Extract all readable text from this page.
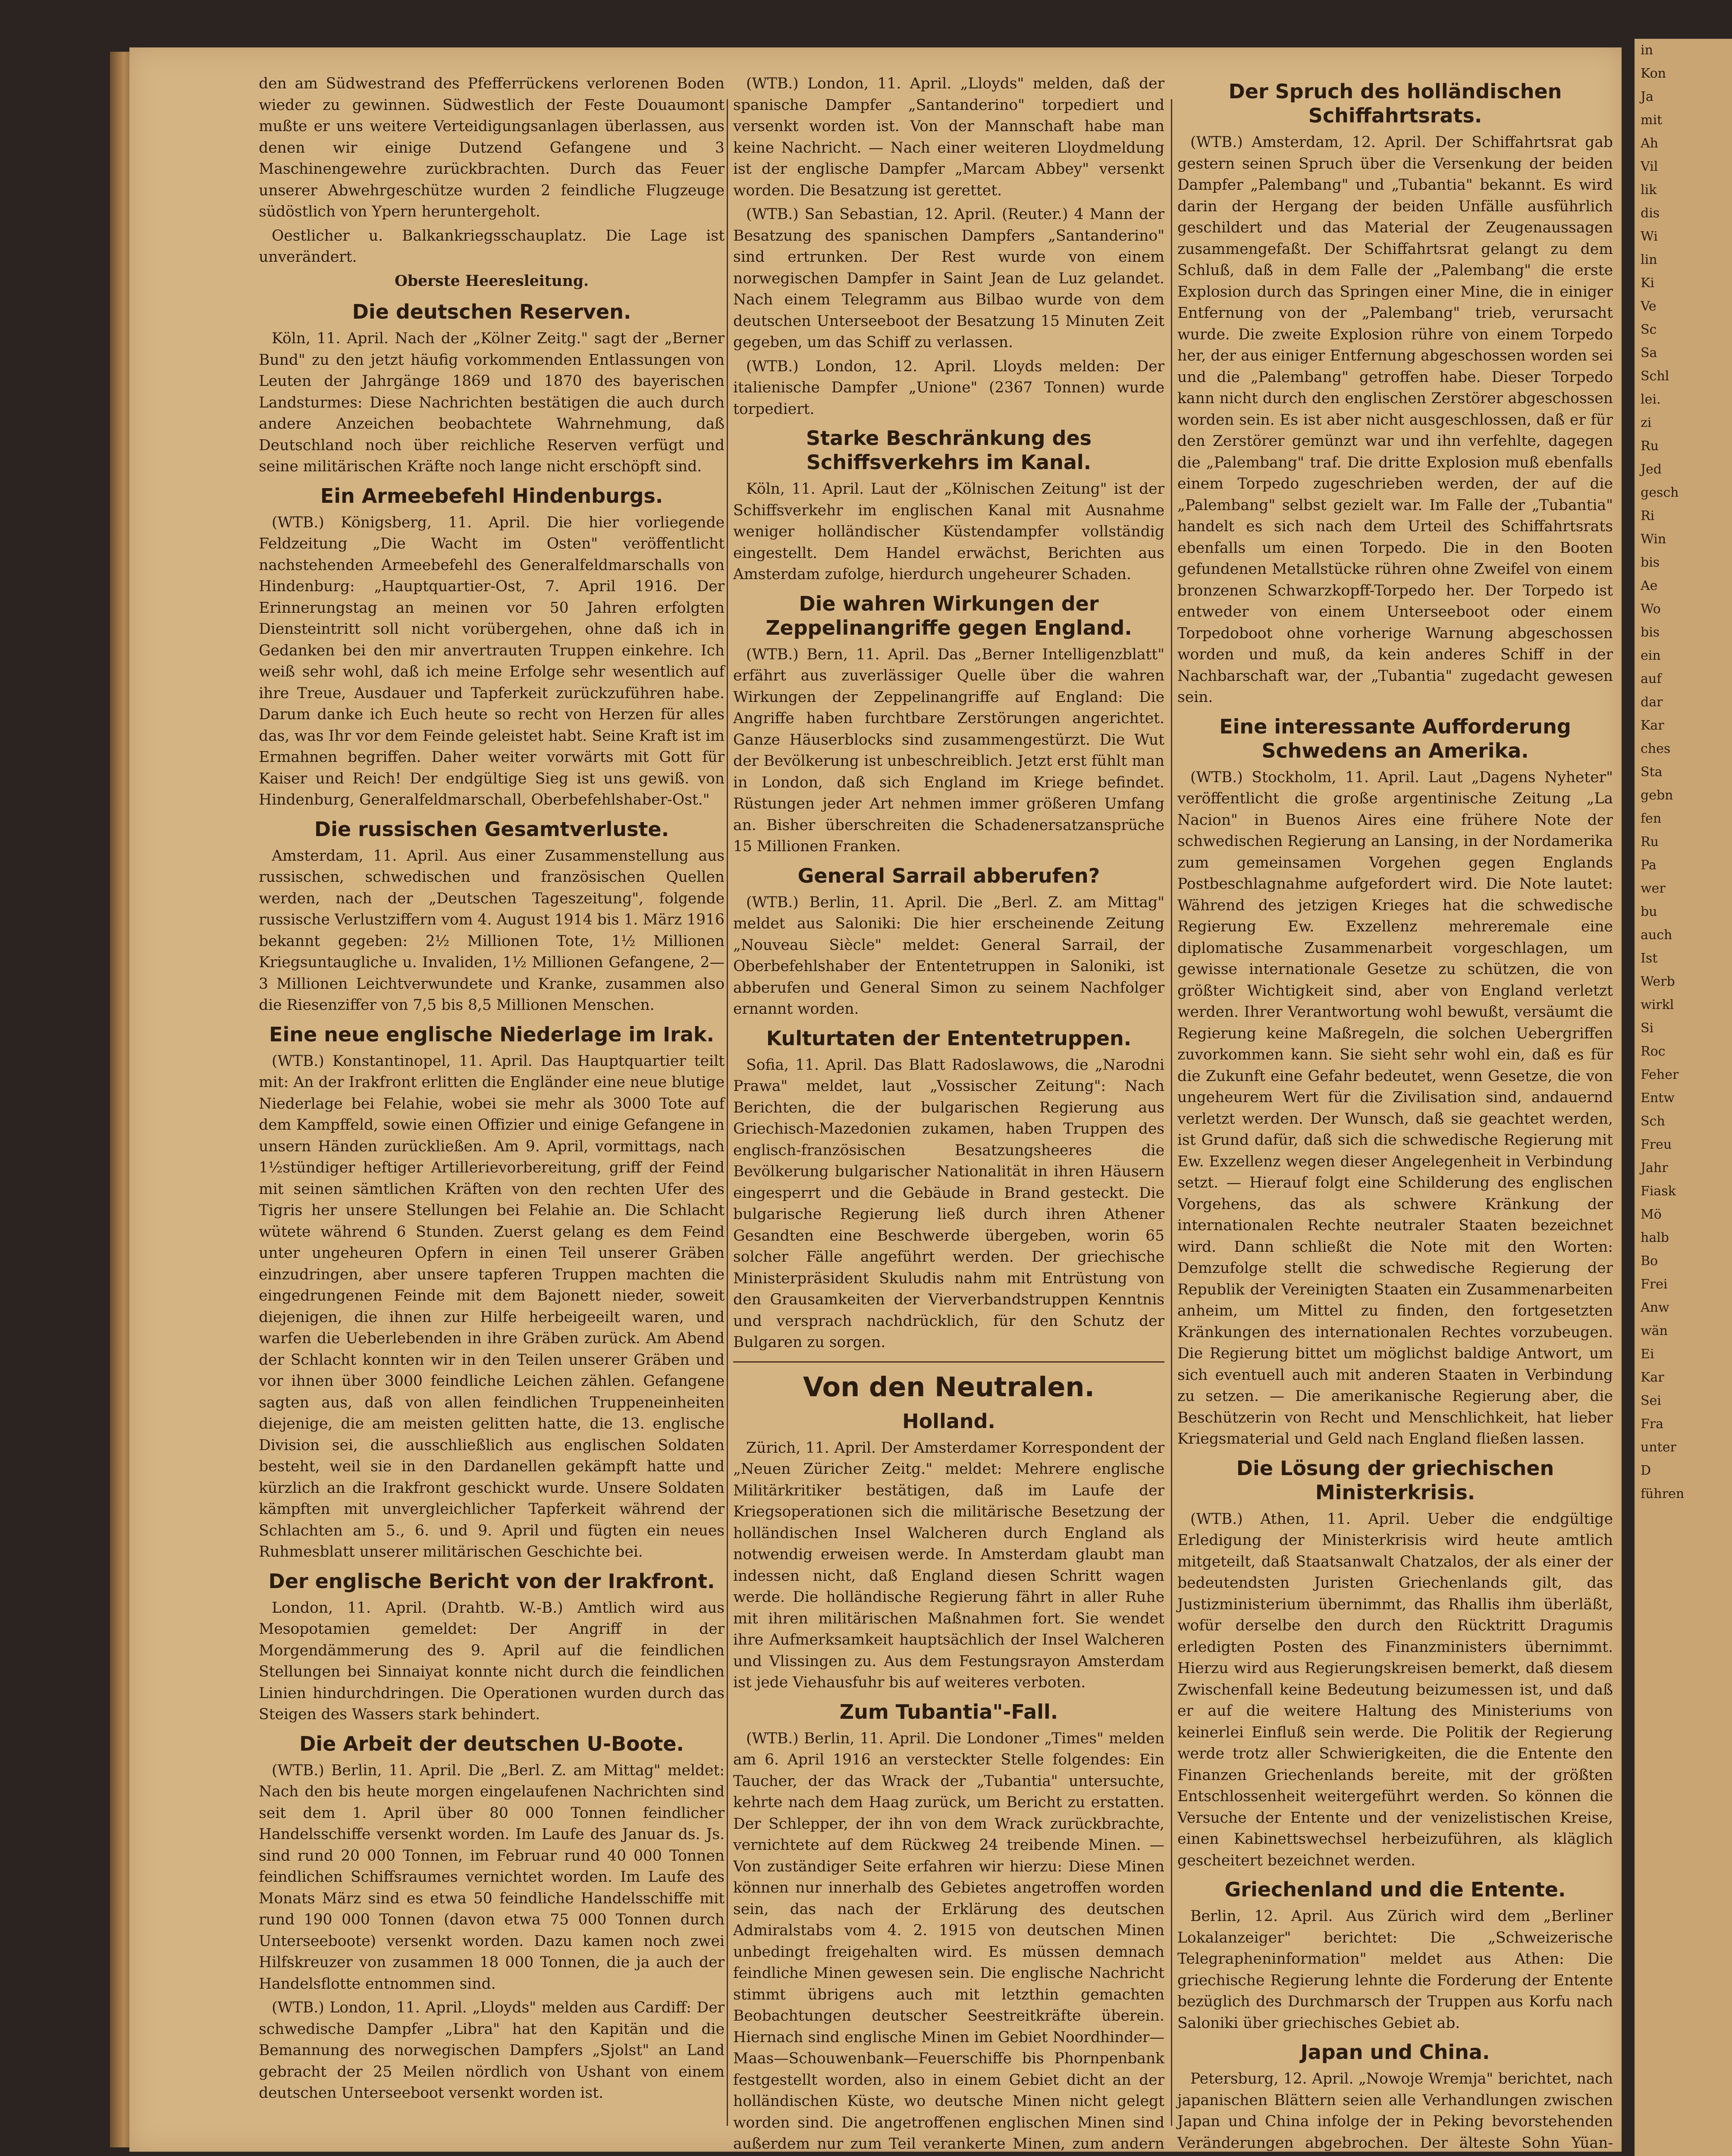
den am Südwestrand des Pfefferrückens verlorenen Boden wieder zu gewinnen. Südwestlich der Feste Douaumont mußte er uns weitere Verteidigungsanlagen überlassen, aus denen wir einige Dutzend Gefangene und 3 Maschinengewehre zurückbrachten. Durch das Feuer unserer Abwehrgeschütze wurden 2 feindliche Flugzeuge südöstlich von Ypern heruntergeholt.

Oestlicher u. Balkankriegsschauplatz. Die Lage ist unverändert.

Oberste Heeresleitung.

Die deutschen Reserven.

Köln, 11. April. Nach der „Kölner Zeitg." sagt der „Berner Bund" zu den jetzt häufig vorkommenden Entlassungen von Leuten der Jahrgänge 1869 und 1870 des bayerischen Landsturmes: Diese Nachrichten bestätigen die auch durch andere Anzeichen beobachtete Wahrnehmung, daß Deutschland noch über reichliche Reserven verfügt und seine militärischen Kräfte noch lange nicht erschöpft sind.

Ein Armeebefehl Hindenburgs.

(WTB.) Königsberg, 11. April. Die hier vorliegende Feldzeitung „Die Wacht im Osten" veröffentlicht nachstehenden Armeebefehl des Generalfeldmarschalls von Hindenburg: „Hauptquartier-Ost, 7. April 1916. Der Erinnerungstag an meinen vor 50 Jahren erfolgten Diensteintritt soll nicht vorübergehen, ohne daß ich in Gedanken bei den mir anvertrauten Truppen einkehre. Ich weiß sehr wohl, daß ich meine Erfolge sehr wesentlich auf ihre Treue, Ausdauer und Tapferkeit zurückzuführen habe. Darum danke ich Euch heute so recht von Herzen für alles das, was Ihr vor dem Feinde geleistet habt. Seine Kraft ist im Ermahnen begriffen. Daher weiter vorwärts mit Gott für Kaiser und Reich! Der endgültige Sieg ist uns gewiß. von Hindenburg, Generalfeldmarschall, Oberbefehlshaber-Ost."

Die russischen Gesamtverluste.

Amsterdam, 11. April. Aus einer Zusammenstellung aus russischen, schwedischen und französischen Quellen werden, nach der „Deutschen Tageszeitung", folgende russische Verlustziffern vom 4. August 1914 bis 1. März 1916 bekannt gegeben: 2½ Millionen Tote, 1½ Millionen Kriegsuntaugliche u. Invaliden, 1½ Millionen Gefangene, 2—3 Millionen Leichtverwundete und Kranke, zusammen also die Riesenziffer von 7,5 bis 8,5 Millionen Menschen.

Eine neue englische Niederlage im Irak.

(WTB.) Konstantinopel, 11. April. Das Hauptquartier teilt mit: An der Irakfront erlitten die Engländer eine neue blutige Niederlage bei Felahie, wobei sie mehr als 3000 Tote auf dem Kampffeld, sowie einen Offizier und einige Gefangene in unsern Händen zurückließen. Am 9. April, vormittags, nach 1½stündiger heftiger Artillerievorbereitung, griff der Feind mit seinen sämtlichen Kräften von den rechten Ufer des Tigris her unsere Stellungen bei Felahie an. Die Schlacht wütete während 6 Stunden. Zuerst gelang es dem Feind unter ungeheuren Opfern in einen Teil unserer Gräben einzudringen, aber unsere tapferen Truppen machten die eingedrungenen Feinde mit dem Bajonett nieder, soweit diejenigen, die ihnen zur Hilfe herbeigeeilt waren, und warfen die Ueberlebenden in ihre Gräben zurück. Am Abend der Schlacht konnten wir in den Teilen unserer Gräben und vor ihnen über 3000 feindliche Leichen zählen. Gefangene sagten aus, daß von allen feindlichen Truppeneinheiten diejenige, die am meisten gelitten hatte, die 13. englische Division sei, die ausschließlich aus englischen Soldaten besteht, weil sie in den Dardanellen gekämpft hatte und kürzlich an die Irakfront geschickt wurde. Unsere Soldaten kämpften mit unvergleichlicher Tapferkeit während der Schlachten am 5., 6. und 9. April und fügten ein neues Ruhmesblatt unserer militärischen Geschichte bei.

Der englische Bericht von der Irakfront.

London, 11. April. (Drahtb. W.-B.) Amtlich wird aus Mesopotamien gemeldet: Der Angriff in der Morgendämmerung des 9. April auf die feindlichen Stellungen bei Sinnaiyat konnte nicht durch die feindlichen Linien hindurchdringen. Die Operationen wurden durch das Steigen des Wassers stark behindert.

Die Arbeit der deutschen U-Boote.

(WTB.) Berlin, 11. April. Die „Berl. Z. am Mittag" meldet: Nach den bis heute morgen eingelaufenen Nachrichten sind seit dem 1. April über 80 000 Tonnen feindlicher Handelsschiffe versenkt worden. Im Laufe des Januar ds. Js. sind rund 20 000 Tonnen, im Februar rund 40 000 Tonnen feindlichen Schiffsraumes vernichtet worden. Im Laufe des Monats März sind es etwa 50 feindliche Handelsschiffe mit rund 190 000 Tonnen (davon etwa 75 000 Tonnen durch Unterseeboote) versenkt worden. Dazu kamen noch zwei Hilfskreuzer von zusammen 18 000 Tonnen, die ja auch der Handelsflotte entnommen sind.

(WTB.) London, 11. April. „Lloyds" melden aus Cardiff: Der schwedische Dampfer „Libra" hat den Kapitän und die Bemannung des norwegischen Dampfers „Sjolst" an Land gebracht der 25 Meilen nördlich von Ushant von einem deutschen Unterseeboot versenkt worden ist.

(WTB.) London, 11. April. „Lloyds" melden, daß der spanische Dampfer „Santanderino" torpediert und versenkt worden ist. Von der Mannschaft habe man keine Nachricht. — Nach einer weiteren Lloydmeldung ist der englische Dampfer „Marcam Abbey" versenkt worden. Die Besatzung ist gerettet.

(WTB.) San Sebastian, 12. April. (Reuter.) 4 Mann der Besatzung des spanischen Dampfers „Santanderino" sind ertrunken. Der Rest wurde von einem norwegischen Dampfer in Saint Jean de Luz gelandet. Nach einem Telegramm aus Bilbao wurde von dem deutschen Unterseeboot der Besatzung 15 Minuten Zeit gegeben, um das Schiff zu verlassen.

(WTB.) London, 12. April. Lloyds melden: Der italienische Dampfer „Unione" (2367 Tonnen) wurde torpediert.

Starke Beschränkung des Schiffsverkehrs im Kanal.

Köln, 11. April. Laut der „Kölnischen Zeitung" ist der Schiffsverkehr im englischen Kanal mit Ausnahme weniger holländischer Küstendampfer vollständig eingestellt. Dem Handel erwächst, Berichten aus Amsterdam zufolge, hierdurch ungeheurer Schaden.

Die wahren Wirkungen der Zeppelinangriffe gegen England.

(WTB.) Bern, 11. April. Das „Berner Intelligenzblatt" erfährt aus zuverlässiger Quelle über die wahren Wirkungen der Zeppelinangriffe auf England: Die Angriffe haben furchtbare Zerstörungen angerichtet. Ganze Häuserblocks sind zusammengestürzt. Die Wut der Bevölkerung ist unbeschreiblich. Jetzt erst fühlt man in London, daß sich England im Kriege befindet. Rüstungen jeder Art nehmen immer größeren Umfang an. Bisher überschreiten die Schadenersatzansprüche 15 Millionen Franken.

General Sarrail abberufen?

(WTB.) Berlin, 11. April. Die „Berl. Z. am Mittag" meldet aus Saloniki: Die hier erscheinende Zeitung „Nouveau Siècle" meldet: General Sarrail, der Oberbefehlshaber der Ententetruppen in Saloniki, ist abberufen und General Simon zu seinem Nachfolger ernannt worden.

Kulturtaten der Ententetruppen.

Sofia, 11. April. Das Blatt Radoslawows, die „Narodni Prawa" meldet, laut „Vossischer Zeitung": Nach Berichten, die der bulgarischen Regierung aus Griechisch-Mazedonien zukamen, haben Truppen des englisch-französischen Besatzungsheeres die Bevölkerung bulgarischer Nationalität in ihren Häusern eingesperrt und die Gebäude in Brand gesteckt. Die bulgarische Regierung ließ durch ihren Athener Gesandten eine Beschwerde übergeben, worin 65 solcher Fälle angeführt werden. Der griechische Ministerpräsident Skuludis nahm mit Entrüstung von den Grausamkeiten der Vierverbandstruppen Kenntnis und versprach nachdrücklich, für den Schutz der Bulgaren zu sorgen.

Von den Neutralen.
Holland.

Zürich, 11. April. Der Amsterdamer Korrespondent der „Neuen Züricher Zeitg." meldet: Mehrere englische Militärkritiker bestätigen, daß im Laufe der Kriegsoperationen sich die militärische Besetzung der holländischen Insel Walcheren durch England als notwendig erweisen werde. In Amsterdam glaubt man indessen nicht, daß England diesen Schritt wagen werde. Die holländische Regierung fährt in aller Ruhe mit ihren militärischen Maßnahmen fort. Sie wendet ihre Aufmerksamkeit hauptsächlich der Insel Walcheren und Vlissingen zu. Aus dem Festungsrayon Amsterdam ist jede Viehausfuhr bis auf weiteres verboten.

Zum Tubantia"-Fall.

(WTB.) Berlin, 11. April. Die Londoner „Times" melden am 6. April 1916 an versteckter Stelle folgendes: Ein Taucher, der das Wrack der „Tubantia" untersuchte, kehrte nach dem Haag zurück, um Bericht zu erstatten. Der Schlepper, der ihn von dem Wrack zurückbrachte, vernichtete auf dem Rückweg 24 treibende Minen. — Von zuständiger Seite erfahren wir hierzu: Diese Minen können nur innerhalb des Gebietes angetroffen worden sein, das nach der Erklärung des deutschen Admiralstabs vom 4. 2. 1915 von deutschen Minen unbedingt freigehalten wird. Es müssen demnach feindliche Minen gewesen sein. Die englische Nachricht stimmt übrigens auch mit letzthin gemachten Beobachtungen deutscher Seestreitkräfte überein. Hiernach sind englische Minen im Gebiet Noordhinder—Maas—Schouwenbank—Feuerschiffe bis Phornpenbank festgestellt worden, also in einem Gebiet dicht an der holländischen Küste, wo deutsche Minen nicht gelegt worden sind. Die angetroffenen englischen Minen sind außerdem nur zum Teil verankerte Minen, zum andern

Der Spruch des holländischen Schiffahrtsrats.

(WTB.) Amsterdam, 12. April. Der Schiffahrtsrat gab gestern seinen Spruch über die Versenkung der beiden Dampfer „Palembang" und „Tubantia" bekannt. Es wird darin der Hergang der beiden Unfälle ausführlich geschildert und das Material der Zeugenaussagen zusammengefaßt. Der Schiffahrtsrat gelangt zu dem Schluß, daß in dem Falle der „Palembang" die erste Explosion durch das Springen einer Mine, die in einiger Entfernung von der „Palembang" trieb, verursacht wurde. Die zweite Explosion rühre von einem Torpedo her, der aus einiger Entfernung abgeschossen worden sei und die „Palembang" getroffen habe. Dieser Torpedo kann nicht durch den englischen Zerstörer abgeschossen worden sein. Es ist aber nicht ausgeschlossen, daß er für den Zerstörer gemünzt war und ihn verfehlte, dagegen die „Palembang" traf. Die dritte Explosion muß ebenfalls einem Torpedo zugeschrieben werden, der auf die „Palembang" selbst gezielt war. Im Falle der „Tubantia" handelt es sich nach dem Urteil des Schiffahrtsrats ebenfalls um einen Torpedo. Die in den Booten gefundenen Metallstücke rühren ohne Zweifel von einem bronzenen Schwarzkopff-Torpedo her. Der Torpedo ist entweder von einem Unterseeboot oder einem Torpedoboot ohne vorherige Warnung abgeschossen worden und muß, da kein anderes Schiff in der Nachbarschaft war, der „Tubantia" zugedacht gewesen sein.

Eine interessante Aufforderung Schwedens an Amerika.

(WTB.) Stockholm, 11. April. Laut „Dagens Nyheter" veröffentlicht die große argentinische Zeitung „La Nacion" in Buenos Aires eine frühere Note der schwedischen Regierung an Lansing, in der Nordamerika zum gemeinsamen Vorgehen gegen Englands Postbeschlagnahme aufgefordert wird. Die Note lautet: Während des jetzigen Krieges hat die schwedische Regierung Ew. Exzellenz mehreremale eine diplomatische Zusammenarbeit vorgeschlagen, um gewisse internationale Gesetze zu schützen, die von größter Wichtigkeit sind, aber von England verletzt werden. Ihrer Verantwortung wohl bewußt, versäumt die Regierung keine Maßregeln, die solchen Uebergriffen zuvorkommen kann. Sie sieht sehr wohl ein, daß es für die Zukunft eine Gefahr bedeutet, wenn Gesetze, die von ungeheurem Wert für die Zivilisation sind, andauernd verletzt werden. Der Wunsch, daß sie geachtet werden, ist Grund dafür, daß sich die schwedische Regierung mit Ew. Exzellenz wegen dieser Angelegenheit in Verbindung setzt. — Hierauf folgt eine Schilderung des englischen Vorgehens, das als schwere Kränkung der internationalen Rechte neutraler Staaten bezeichnet wird. Dann schließt die Note mit den Worten: Demzufolge stellt die schwedische Regierung der Republik der Vereinigten Staaten ein Zusammenarbeiten anheim, um Mittel zu finden, den fortgesetzten Kränkungen des internationalen Rechtes vorzubeugen. Die Regierung bittet um möglichst baldige Antwort, um sich eventuell auch mit anderen Staaten in Verbindung zu setzen. — Die amerikanische Regierung aber, die Beschützerin von Recht und Menschlichkeit, hat lieber Kriegsmaterial und Geld nach England fließen lassen.

Die Lösung der griechischen Ministerkrisis.

(WTB.) Athen, 11. April. Ueber die endgültige Erledigung der Ministerkrisis wird heute amtlich mitgeteilt, daß Staatsanwalt Chatzalos, der als einer der bedeutendsten Juristen Griechenlands gilt, das Justizministerium übernimmt, das Rhallis ihm überläßt, wofür derselbe den durch den Rücktritt Dragumis erledigten Posten des Finanzministers übernimmt. Hierzu wird aus Regierungskreisen bemerkt, daß diesem Zwischenfall keine Bedeutung beizumessen ist, und daß er auf die weitere Haltung des Ministeriums von keinerlei Einfluß sein werde. Die Politik der Regierung werde trotz aller Schwierigkeiten, die die Entente den Finanzen Griechenlands bereite, mit der größten Entschlossenheit weitergeführt werden. So können die Versuche der Entente und der venizelistischen Kreise, einen Kabinettswechsel herbeizuführen, als kläglich gescheitert bezeichnet werden.

Griechenland und die Entente.

Berlin, 12. April. Aus Zürich wird dem „Berliner Lokalanzeiger" berichtet: Die „Schweizerische Telegrapheninformation" meldet aus Athen: Die griechische Regierung lehnte die Forderung der Entente bezüglich des Durchmarsch der Truppen aus Korfu nach Saloniki über griechisches Gebiet ab.

Japan und China.

Petersburg, 12. April. „Nowoje Wremja" berichtet, nach japanischen Blättern seien alle Verhandlungen zwischen Japan und China infolge der in Peking bevorstehenden Veränderungen abgebrochen. Der älteste Sohn Yüan-

in
Kon
Ja
mit
Ah
Vil
lik
dis
Wi
lin
Ki
Ve
Sc
Sa
Schl
lei.
zi
Ru
Jed
gesch
Ri
Win
bis
Ae
Wo
bis
ein
auf
dar
Kar
ches
Sta
gebn
fen
Ru
Pa
wer
bu
auch
Ist
Werb
wirkl
Si
Roc
Feher
Entw
Sch
Freu
Jahr
Fiask
Mö
halb
Bo
Frei
Anw
wän
Ei
Kar
Sei
Fra
unter
D
führen
